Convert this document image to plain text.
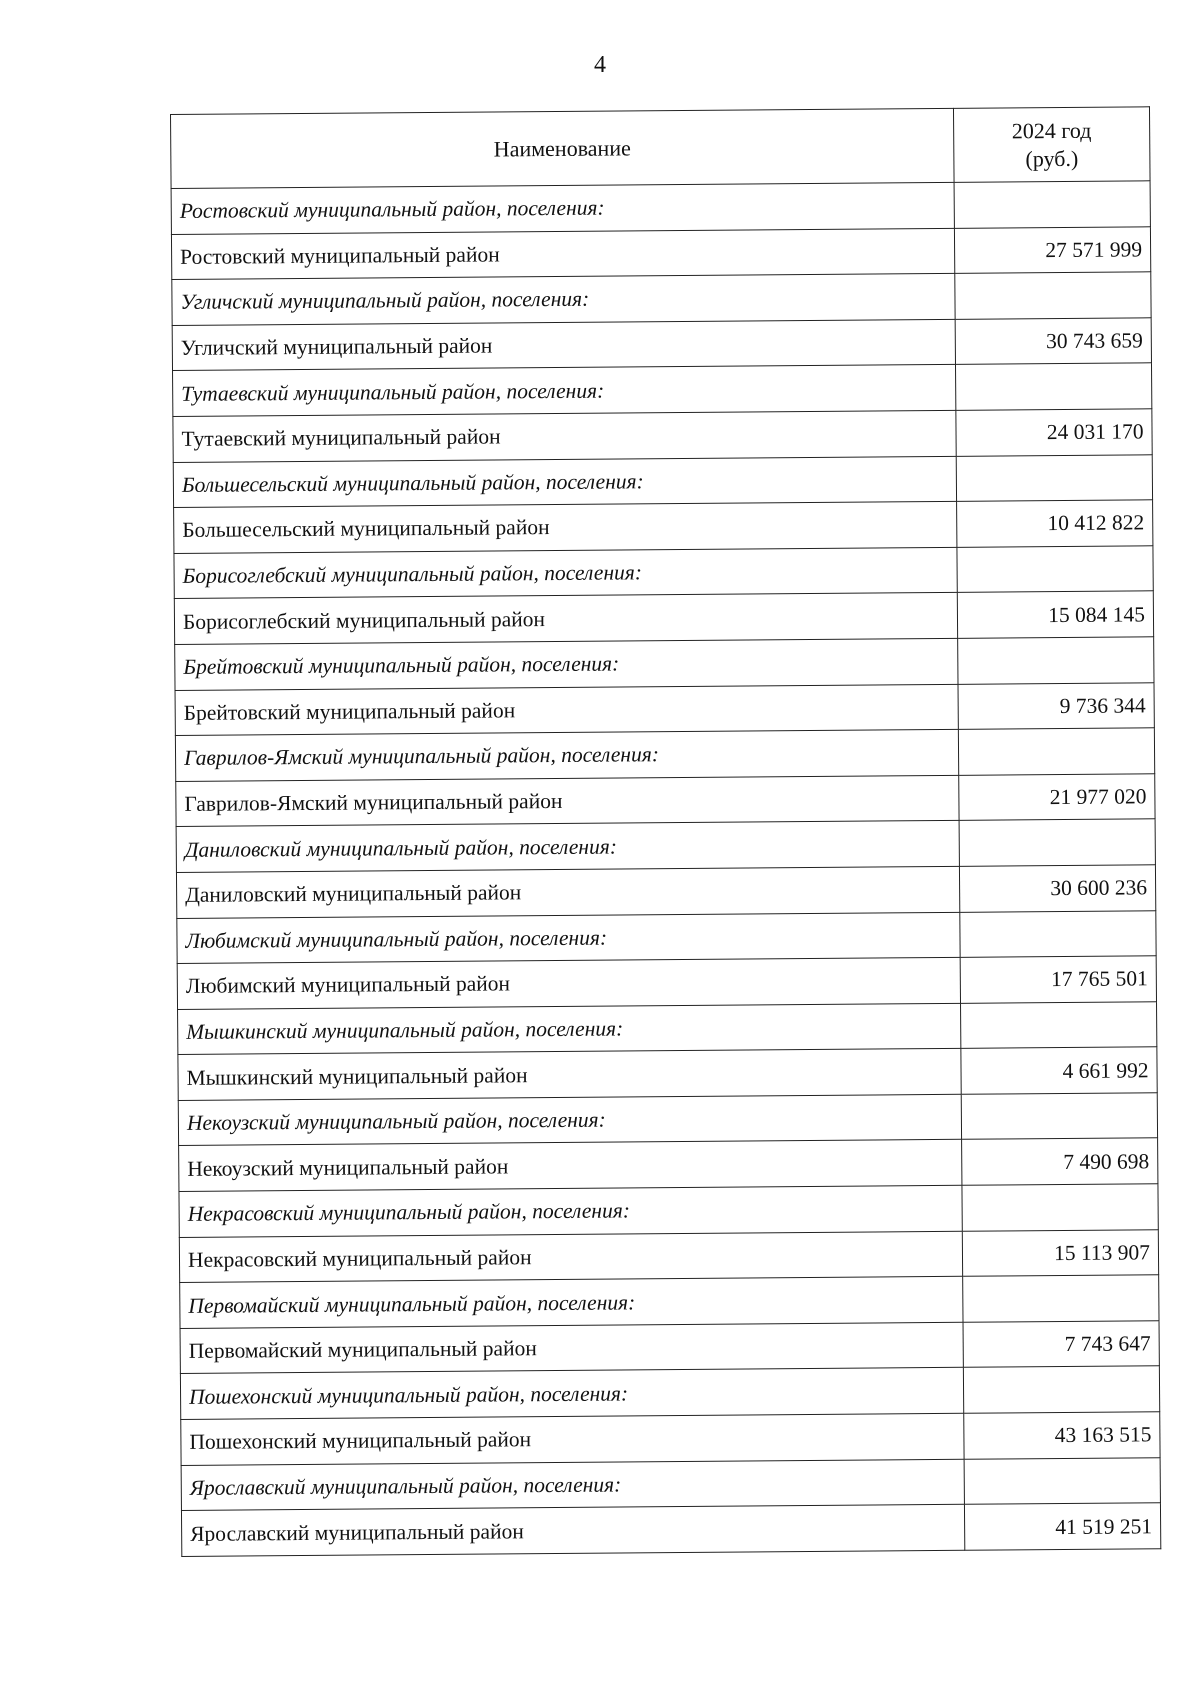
4
Наименование	2024 год
(руб.)
Ростовский муниципальный район, поселения:	
Ростовский муниципальный район	27 571 999
Угличский муниципальный район, поселения:	
Угличский муниципальный район	30 743 659
Тутаевский муниципальный район, поселения:	
Тутаевский муниципальный район	24 031 170
Большесельский муниципальный район, поселения:	
Большесельский муниципальный район	10 412 822
Борисоглебский муниципальный район, поселения:	
Борисоглебский муниципальный район	15 084 145
Брейтовский муниципальный район, поселения:	
Брейтовский муниципальный район	9 736 344
Гаврилов-Ямский муниципальный район, поселения:	
Гаврилов-Ямский муниципальный район	21 977 020
Даниловский муниципальный район, поселения:	
Даниловский муниципальный район	30 600 236
Любимский муниципальный район, поселения:	
Любимский муниципальный район	17 765 501
Мышкинский муниципальный район, поселения:	
Мышкинский муниципальный район	4 661 992
Некоузский муниципальный район, поселения:	
Некоузский муниципальный район	7 490 698
Некрасовский муниципальный район, поселения:	
Некрасовский муниципальный район	15 113 907
Первомайский муниципальный район, поселения:	
Первомайский муниципальный район	7 743 647
Пошехонский муниципальный район, поселения:	
Пошехонский муниципальный район	43 163 515
Ярославский муниципальный район, поселения:	
Ярославский муниципальный район	41 519 251
